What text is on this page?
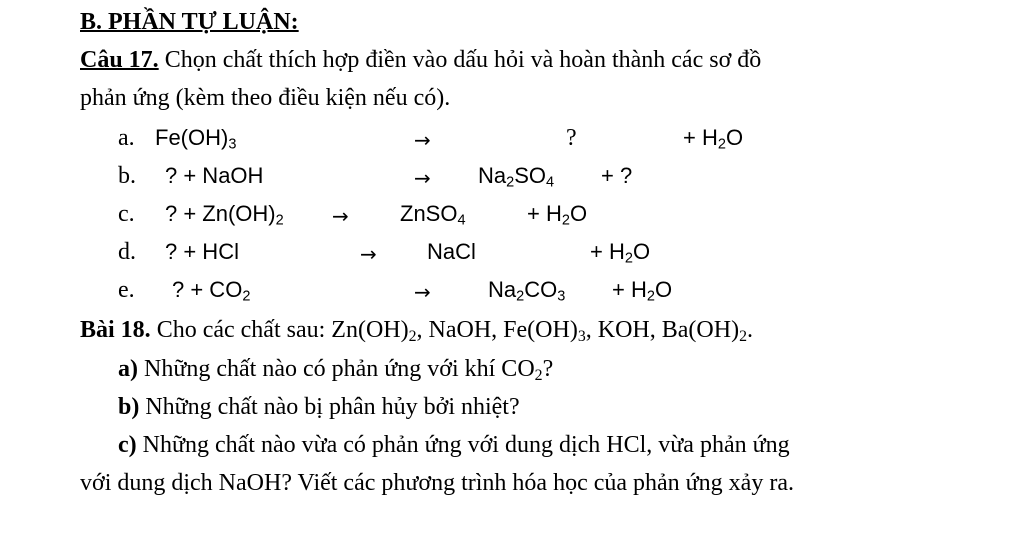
B. PHẦN TỰ LUẬN:
Câu 17. Chọn chất thích hợp điền vào dấu hỏi và hoàn thành các sơ đồ
phản ứng (kèm theo điều kiện nếu có).
a. $Fe(OH)_3$	→	?	+ $H_2O$
b. ? + NaOH	→ $Na_2SO_4$ + ?
c. ? + $Zn(OH)_2$ → ZnSO$_4$	+ $H_2O$
d. ? + HCl	→ NaCl	+ $H_2O$
e. ? + $CO_2$	→	$Na_2CO_3 + H_2O$
Bài 18. Cho các chất sau: $Zn(OH)_2$, NaOH, $Fe(OH)_3$, KOH, $Ba(OH)_2$.
a) Những chất nào có phản ứng với khí $CO_2$?
b) Những chất nào bị phân hủy bởi nhiệt?
c) Những chất nào vừa có phản ứng với dung dịch HCl, vừa phản ứng
với dung dịch NaOH? Viết các phương trình hóa học của phản ứng xảy ra.
